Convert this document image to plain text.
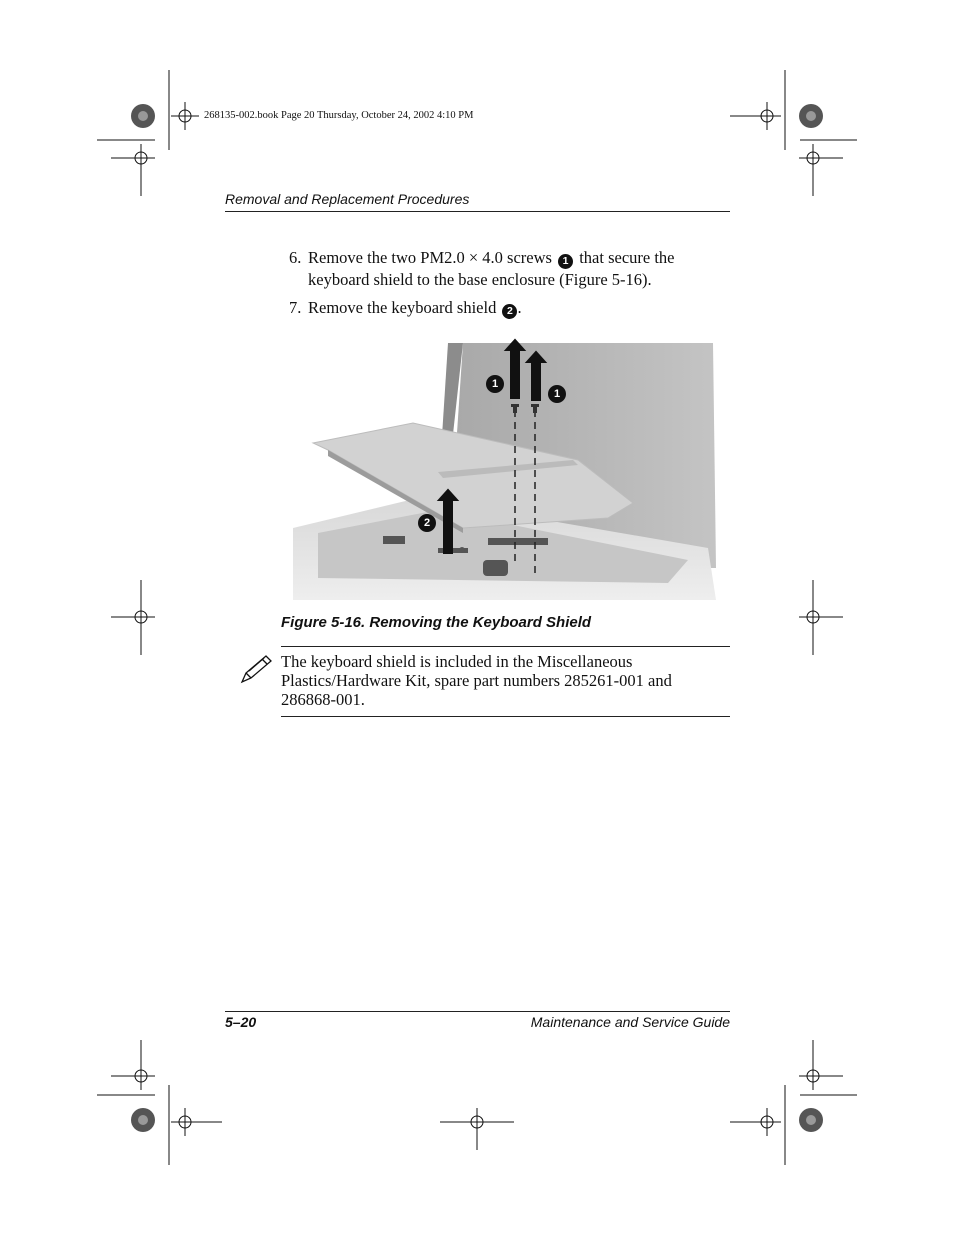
268135-002.book Page 20 Thursday, October 24, 2002 4:10 PM
Removal and Replacement Procedures
6. Remove the two PM2.0 × 4.0 screws 1 that secure the keyboard shield to the base enclosure (Figure 5-16).
7. Remove the keyboard shield 2 .
1
1
2
Figure 5-16. Removing the Keyboard Shield
The keyboard shield is included in the Miscellaneous Plastics/Hardware Kit, spare part numbers 285261-001 and 286868-001.
5–20	Maintenance and Service Guide
